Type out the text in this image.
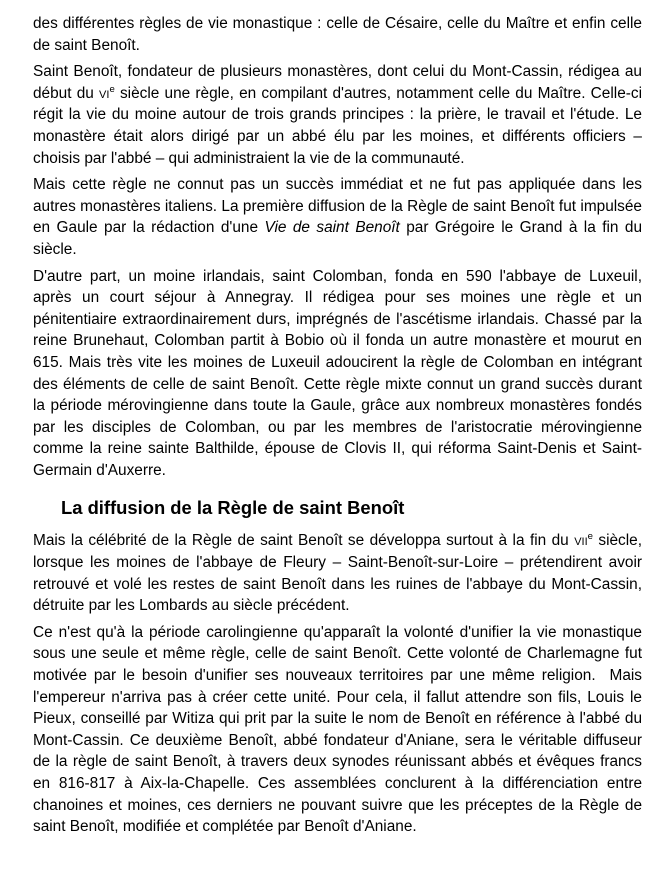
des différentes règles de vie monastique : celle de Césaire, celle du Maître et enfin celle de saint Benoît.

Saint Benoît, fondateur de plusieurs monastères, dont celui du Mont-Cassin, rédigea au début du $vi^e$ siècle une règle, en compilant d'autres, notamment celle du Maître. Celle-ci régit la vie du moine autour de trois grands principes : la prière, le travail et l'étude. Le monastère était alors dirigé par un abbé élu par les moines, et différents officiers – choisis par l'abbé – qui administraient la vie de la communauté.

Mais cette règle ne connut pas un succès immédiat et ne fut pas appliquée dans les autres monastères italiens. La première diffusion de la Règle de saint Benoît fut impulsée en Gaule par la rédaction d'une Vie de saint Benoît par Grégoire le Grand à la fin du siècle.

D'autre part, un moine irlandais, saint Colomban, fonda en 590 l'abbaye de Luxeuil, après un court séjour à Annegray. Il rédigea pour ses moines une règle et un pénitentiaire extraordinairement durs, imprégnés de l'ascétisme irlandais. Chassé par la reine Brunehaut, Colomban partit à Bobio où il fonda un autre monastère et mourut en 615. Mais très vite les moines de Luxeuil adoucirent la règle de Colomban en intégrant des éléments de celle de saint Benoît. Cette règle mixte connut un grand succès durant la période mérovingienne dans toute la Gaule, grâce aux nombreux monastères fondés par les disciples de Colomban, ou par les membres de l'aristocratie mérovingienne comme la reine sainte Balthilde, épouse de Clovis II, qui réforma Saint-Denis et Saint-Germain d'Auxerre.

La diffusion de la Règle de saint Benoît

Mais la célébrité de la Règle de saint Benoît se développa surtout à la fin du vii$^e$ siècle, lorsque les moines de l'abbaye de Fleury – Saint-Benoît-sur-Loire – prétendirent avoir retrouvé et volé les restes de saint Benoît dans les ruines de l'abbaye du Mont-Cassin, détruite par les Lombards au siècle précédent.

Ce n'est qu'à la période carolingienne qu'apparaît la volonté d'unifier la vie monastique sous une seule et même règle, celle de saint Benoît. Cette volonté de Charlemagne fut motivée par le besoin d'unifier ses nouveaux territoires par une même religion.  Mais l'empereur n'arriva pas à créer cette unité. Pour cela, il fallut attendre son fils, Louis le Pieux, conseillé par Witiza qui prit par la suite le nom de Benoît en référence à l'abbé du Mont-Cassin. Ce deuxième Benoît, abbé fondateur d'Aniane, sera le véritable diffuseur de la règle de saint Benoît, à travers deux synodes réunissant abbés et évêques francs en 816-817 à Aix-la-Chapelle. Ces assemblées conclurent à la différenciation entre chanoines et moines, ces derniers ne pouvant suivre que les préceptes de la Règle de saint Benoît, modifiée et complétée par Benoît d'Aniane.
